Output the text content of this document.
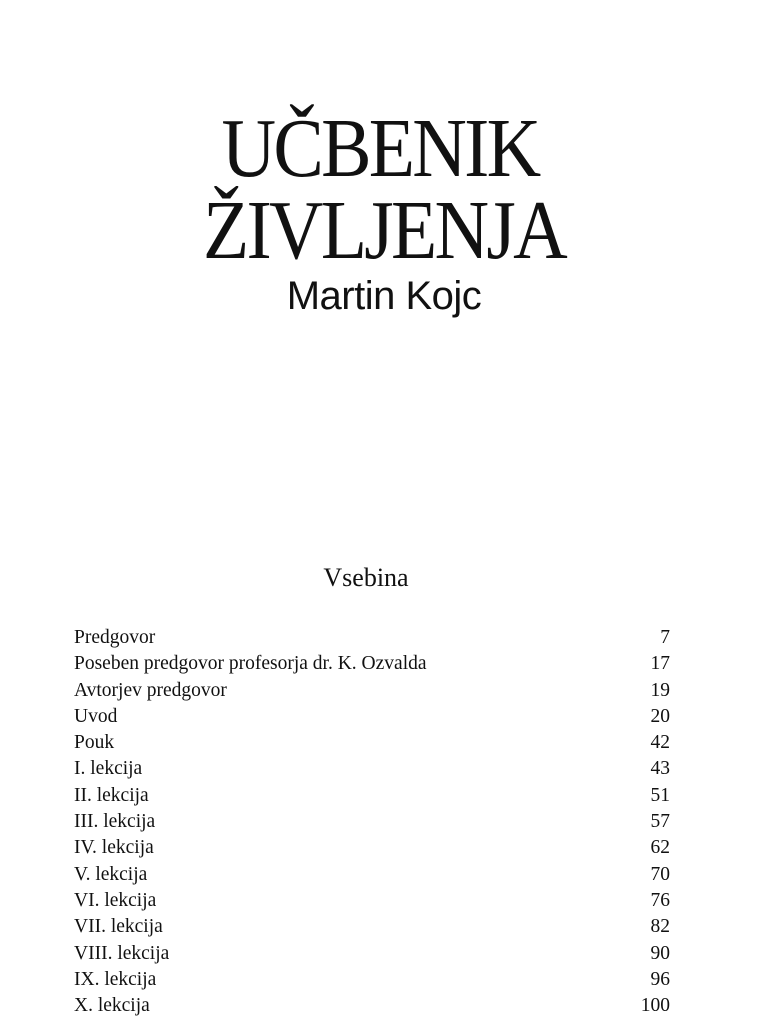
UČBENIK
ŽIVLJENJA
Martin Kojc
Vsebina
Predgovor	7
Poseben predgovor profesorja dr. K. Ozvalda	17
Avtorjev predgovor	19
Uvod	20
Pouk	42
I. lekcija	43
II. lekcija	51
III. lekcija	57
IV. lekcija	62
V. lekcija	70
VI. lekcija	76
VII. lekcija	82
VIII. lekcija	90
IX. lekcija	96
X. lekcija	100
